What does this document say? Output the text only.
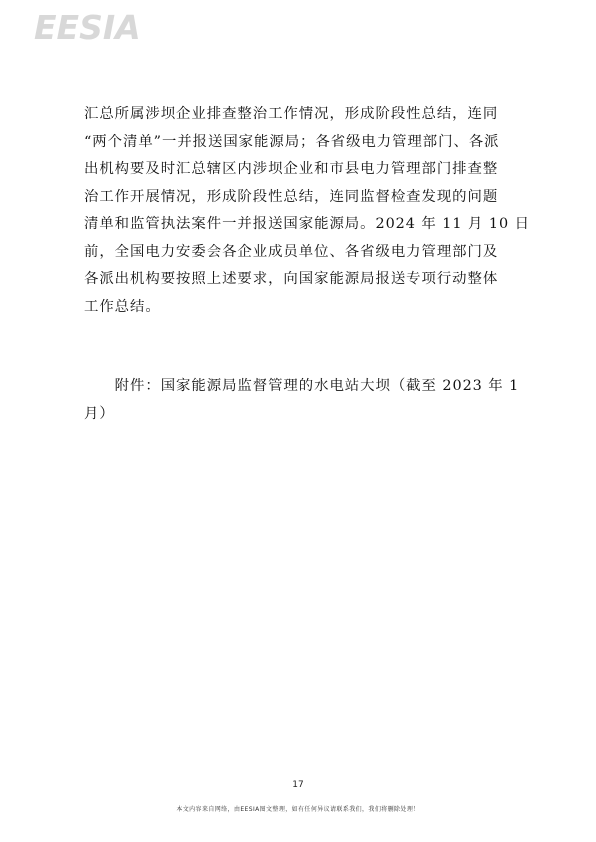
EESIA
汇总所属涉坝企业排查整治工作情况，形成阶段性总结，连同
“两个清单”一并报送国家能源局；各省级电力管理部门、各派
出机构要及时汇总辖区内涉坝企业和市县电力管理部门排查整
治工作开展情况，形成阶段性总结，连同监督检查发现的问题
清单和监管执法案件一并报送国家能源局。2024 年 11 月 10 日
前，全国电力安委会各企业成员单位、各省级电力管理部门及
各派出机构要按照上述要求，向国家能源局报送专项行动整体
工作总结。
　　附件：国家能源局监督管理的水电站大坝（截至 2023 年 1
月）
17
本文内容来自网络，由EESIA图文整理，如有任何异议请联系我们，我们将删除处理！
